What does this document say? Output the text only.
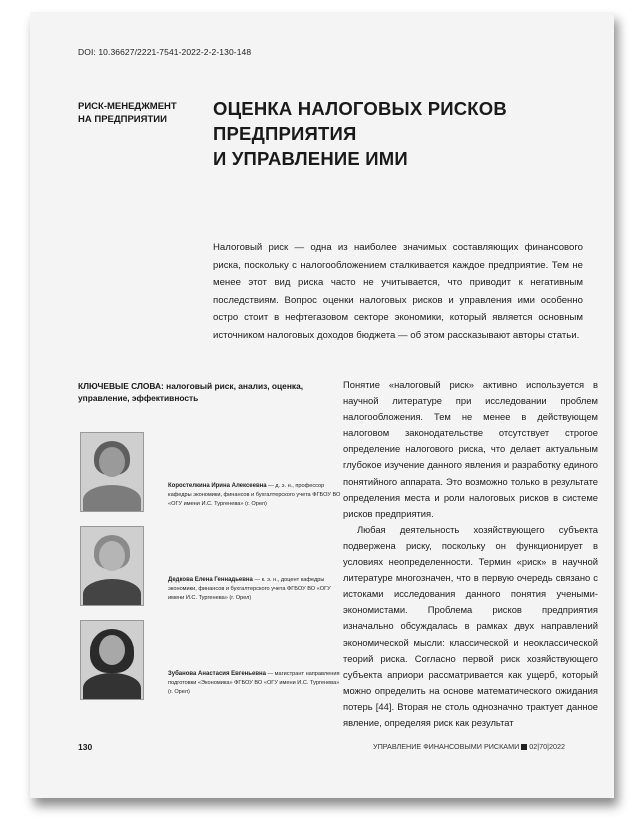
DOI: 10.36627/2221-7541-2022-2-2-130-148
РИСК-МЕНЕДЖМЕНТ
НА ПРЕДПРИЯТИИ
ОЦЕНКА НАЛОГОВЫХ РИСКОВ ПРЕДПРИЯТИЯ
И УПРАВЛЕНИЕ ИМИ
Налоговый риск — одна из наиболее значимых составляющих финансового риска, поскольку с налогообложением сталкивается каждое предприятие. Тем не менее этот вид риска часто не учитывается, что приводит к негативным последствиям. Вопрос оценки налоговых рисков и управления ими особенно остро стоит в нефтегазовом секторе экономики, который является основным источником налоговых доходов бюджета — об этом рассказывают авторы статьи.
КЛЮЧЕВЫЕ СЛОВА: налоговый риск, анализ, оценка, управление, эффективность
Коростелкина Ирина Алексеевна — д. э. н., профессор кафедры экономики, финансов и бухгалтерского учета ФГБОУ ВО «ОГУ имени И.С. Тургенева» (г. Орел)
Дедкова Елена Геннадьевна — к. э. н., доцент кафедры экономики, финансов и бухгалтерского учета ФГБОУ ВО «ОГУ имени И.С. Тургенева» (г. Орел)
Зубанова Анастасия Евгеньевна — магистрант направления подготовки «Экономика» ФГБОУ ВО «ОГУ имени И.С. Тургенева» (г. Орел)

Понятие «налоговый риск» активно используется в научной литературе при исследовании проблем налогообложения. Тем не менее в действующем налоговом законодательстве отсутствует строгое определение налогового риска, что делает актуальным глубокое изучение данного явления и разработку единого понятийного аппарата. Это возможно только в результате определения места и роли налоговых рисков в системе рисков предприятия.

Любая деятельность хозяйствующего субъекта подвержена риску, поскольку он функционирует в условиях неопределенности. Термин «риск» в научной литературе многозначен, что в первую очередь связано с истоками исследования данного понятия учеными-экономистами. Проблема рисков предприятия изначально обсуждалась в рамках двух направлений экономической мысли: классической и неоклассической теорий риска. Согласно первой риск хозяйствующего субъекта априори рассматривается как ущерб, который можно определить на основе математического ожидания потерь [44]. Вторая не столь однозначно трактует данное явление, определяя риск как результат

130	УПРАВЛЕНИЕ ФИНАНСОВЫМИ РИСКАМИ 02|70|2022
